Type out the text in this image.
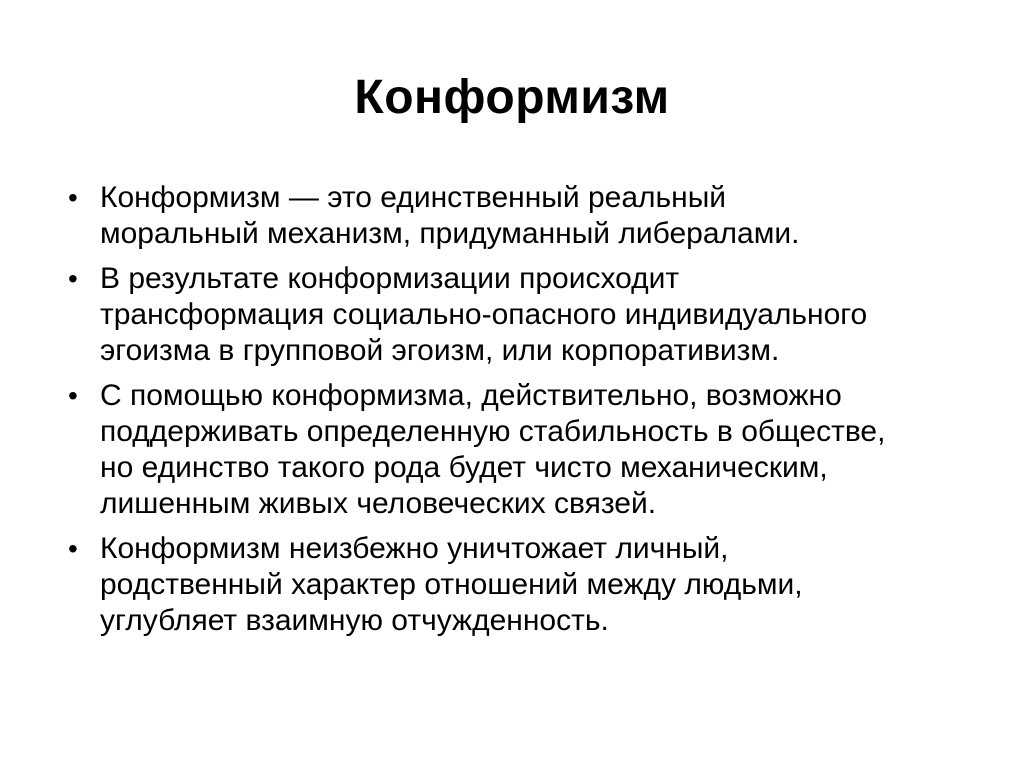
Конформизм
• Конформизм — это единственный реальный
моральный механизм, придуманный либералами.
• В результате конформизации происходит
трансформация социально-опасного индивидуального
эгоизма в групповой эгоизм, или корпоративизм.
• С помощью конформизма, действительно, возможно
поддерживать определенную стабильность в обществе,
но единство такого рода будет чисто механическим,
лишенным живых человеческих связей.
• Конформизм неизбежно уничтожает личный,
родственный характер отношений между людьми,
углубляет взаимную отчужденность.
